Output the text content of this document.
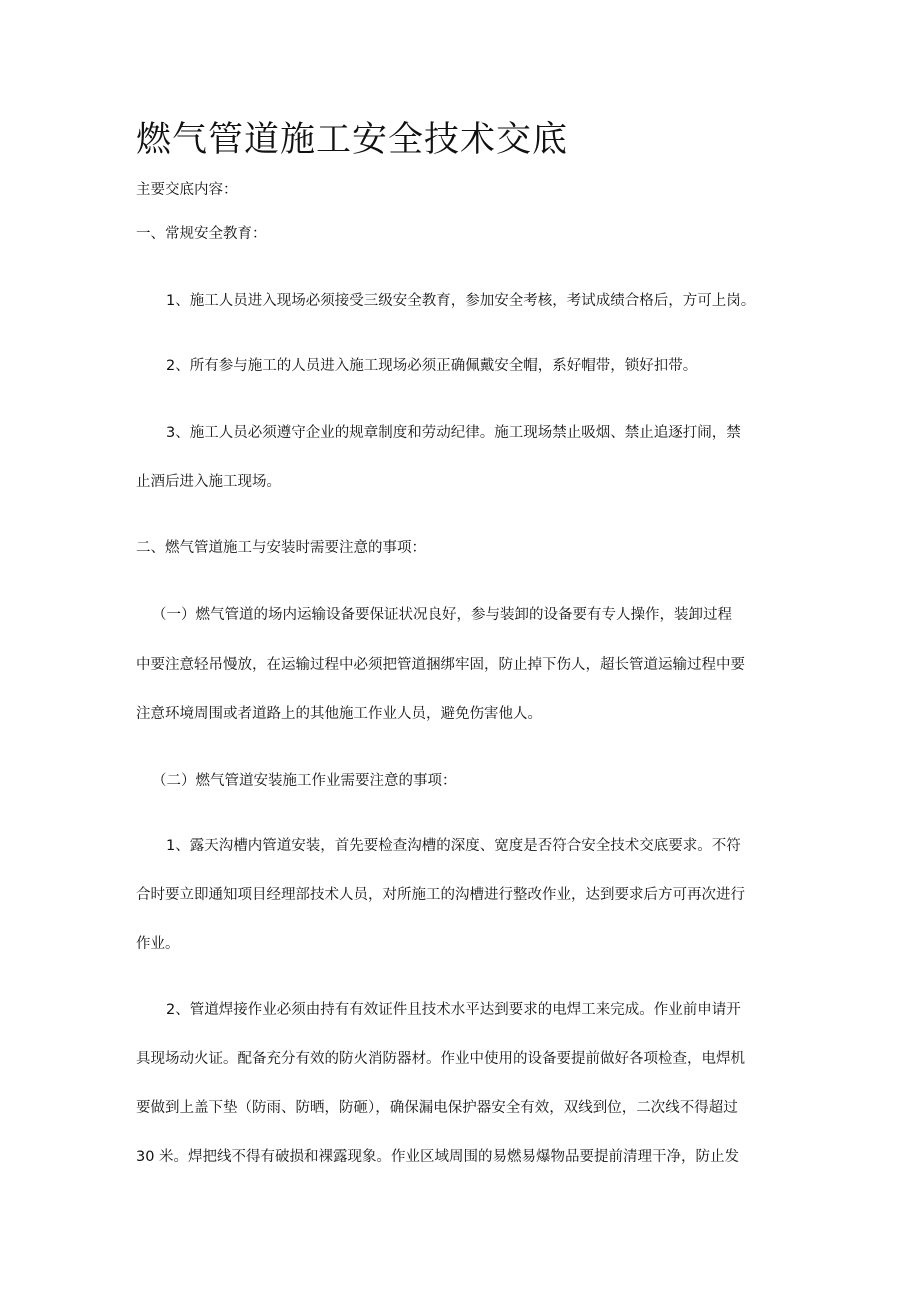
燃气管道施工安全技术交底
主要交底内容：
一、常规安全教育：
1、施工人员进入现场必须接受三级安全教育，参加安全考核，考试成绩合格后，方可上岗。
2、所有参与施工的人员进入施工现场必须正确佩戴安全帽，系好帽带，锁好扣带。
3、施工人员必须遵守企业的规章制度和劳动纪律。施工现场禁止吸烟、禁止追逐打闹，禁
止酒后进入施工现场。
二、燃气管道施工与安装时需要注意的事项：
（一）燃气管道的场内运输设备要保证状况良好，参与装卸的设备要有专人操作，装卸过程
中要注意轻吊慢放，在运输过程中必须把管道捆绑牢固，防止掉下伤人，超长管道运输过程中要
注意环境周围或者道路上的其他施工作业人员，避免伤害他人。
（二）燃气管道安装施工作业需要注意的事项：
1、露天沟槽内管道安装，首先要检查沟槽的深度、宽度是否符合安全技术交底要求。不符
合时要立即通知项目经理部技术人员，对所施工的沟槽进行整改作业，达到要求后方可再次进行
作业。
2、管道焊接作业必须由持有有效证件且技术水平达到要求的电焊工来完成。作业前申请开
具现场动火证。配备充分有效的防火消防器材。作业中使用的设备要提前做好各项检查，电焊机
要做到上盖下垫（防雨、防晒，防砸），确保漏电保护器安全有效，双线到位，二次线不得超过
30 米。焊把线不得有破损和裸露现象。作业区域周围的易燃易爆物品要提前清理干净，防止发
